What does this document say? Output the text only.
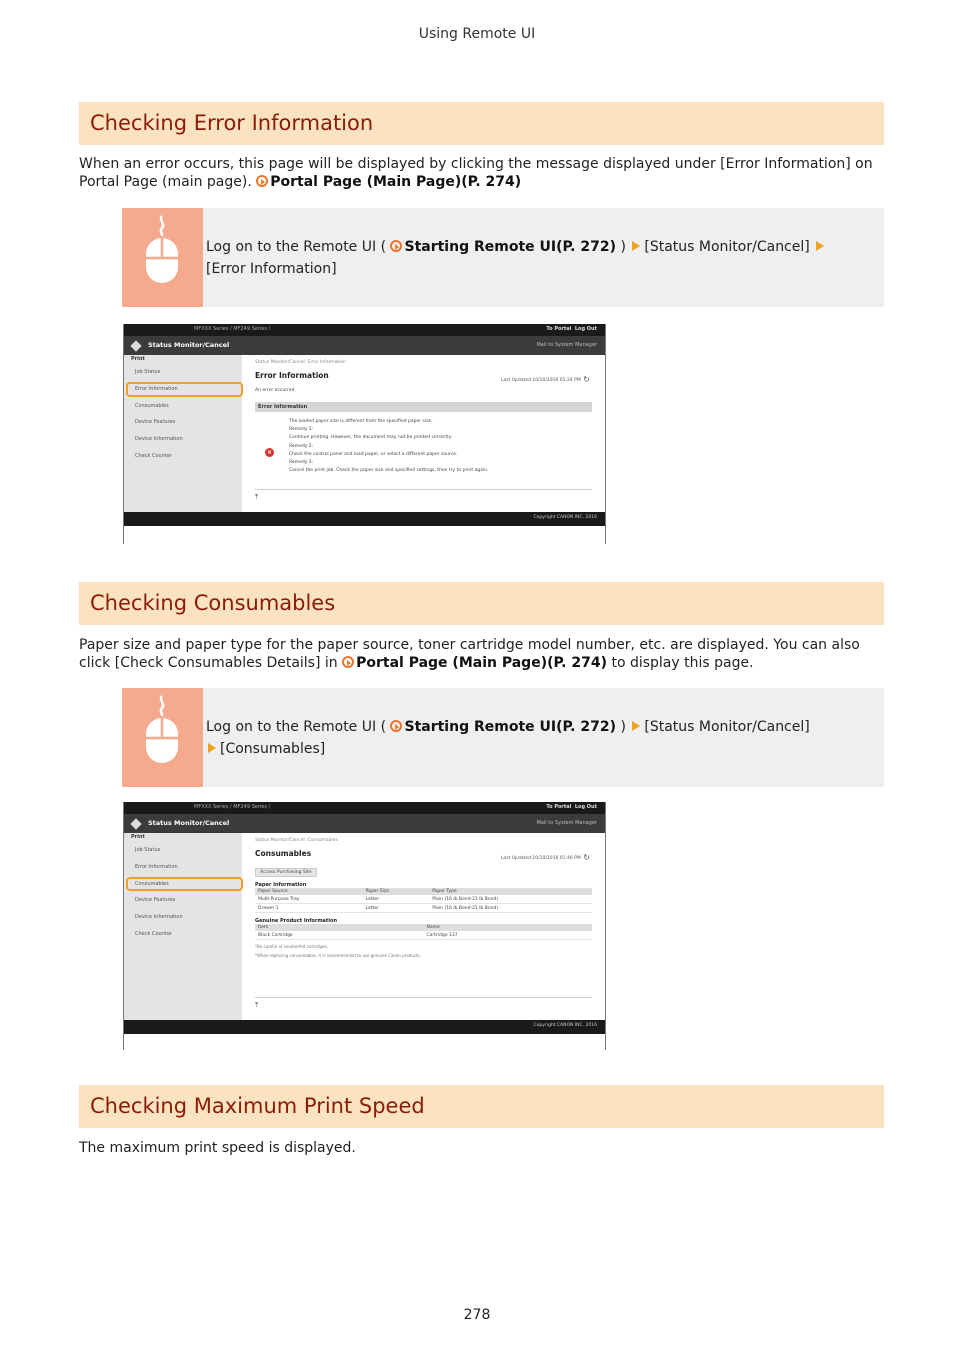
Using Remote UI
Checking Error Information
When an error occurs, this page will be displayed by clicking the message displayed under [Error Information] on Portal Page (main page). Portal Page (Main Page)(P. 274)
Log on to the Remote UI ( Starting Remote UI(P. 272) ) [Status Monitor/Cancel] [Error Information]
MFXXX Series / MF249 Series /	To Portal Log Out
Status Monitor/Cancel	Mail to System Manager
Print
Job Status
Error Information
Consumables
Device Features
Device Information
Check Counter
Status Monitor/Cancel: Error Information
Error Information
Last Updated:10/10/2016 01:24 PM ↻
An error occurred.
Error Information
×
The loaded paper size is different from the specified paper size.
Remedy 1:
Continue printing. However, the document may not be printed correctly.
Remedy 2:
Check the control panel and load paper, or select a different paper source.
Remedy 3:
Cancel the print job. Check the paper size and specified settings, then try to print again.
⤒
Copyright CANON INC. 2016
Checking Consumables
Paper size and paper type for the paper source, toner cartridge model number, etc. are displayed. You can also click [Check Consumables Details] in Portal Page (Main Page)(P. 274) to display this page.
Log on to the Remote UI ( Starting Remote UI(P. 272) ) [Status Monitor/Cancel]
[Consumables]
MFXXX Series / MF249 Series /	To Portal Log Out
Status Monitor/Cancel	Mail to System Manager
Print
Job Status
Error Information
Consumables
Device Features
Device Information
Check Counter
Status Monitor/Cancel: Consumables
Consumables
Last Updated:10/10/2016 01:46 PM ↻
Access Purchasing Site
Paper Information
Paper Source	Paper Size	Paper Type
Multi-Purpose Tray	Letter	Plain (16 lb Bond-21 lb Bond)
Drawer 1	Letter	Plain (16 lb Bond-21 lb Bond)
Genuine Product Information
Item	Name
Black Cartridge	Cartridge 137
*Be careful of counterfeit cartridges.
*When replacing consumables, it is recommended to use genuine Canon products.
⤒
Copyright CANON INC. 2016
Checking Maximum Print Speed
The maximum print speed is displayed.
278
